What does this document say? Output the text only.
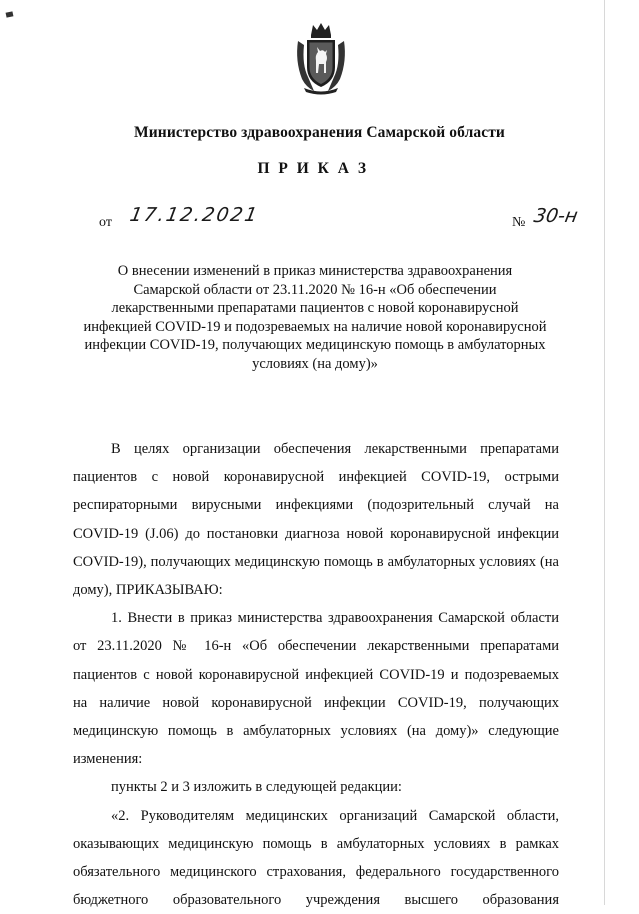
Министерство здравоохранения Самарской области
П Р И К А З
от 17.12.2021	№ 30-н
О внесении изменений в приказ министерства здравоохранения
Самарской области от 23.11.2020 № 16-н «Об обеспечении
лекарственными препаратами пациентов с новой коронавирусной
инфекцией COVID-19 и подозреваемых на наличие новой коронавирусной
инфекции COVID-19, получающих медицинскую помощь в амбулаторных
условиях (на дому)»

В целях организации обеспечения лекарственными препаратами пациентов с новой коронавирусной инфекцией COVID-19, острыми респираторными вирусными инфекциями (подозрительный случай на COVID-19 (J.06) до постановки диагноза новой коронавирусной инфекции COVID-19), получающих медицинскую помощь в амбулаторных условиях (на дому), ПРИКАЗЫВАЮ:

1. Внести в приказ министерства здравоохранения Самарской области от 23.11.2020 № 16-н «Об обеспечении лекарственными препаратами пациентов с новой коронавирусной инфекцией COVID-19 и подозреваемых на наличие новой коронавирусной инфекции COVID-19, получающих медицинскую помощь в амбулаторных условиях (на дому)» следующие изменения:

пункты 2 и 3 изложить в следующей редакции:

«2. Руководителям медицинских организаций Самарской области, оказывающих медицинскую помощь в амбулаторных условиях в рамках обязательного медицинского страхования, федерального государственного бюджетного образовательного учреждения высшего образования
